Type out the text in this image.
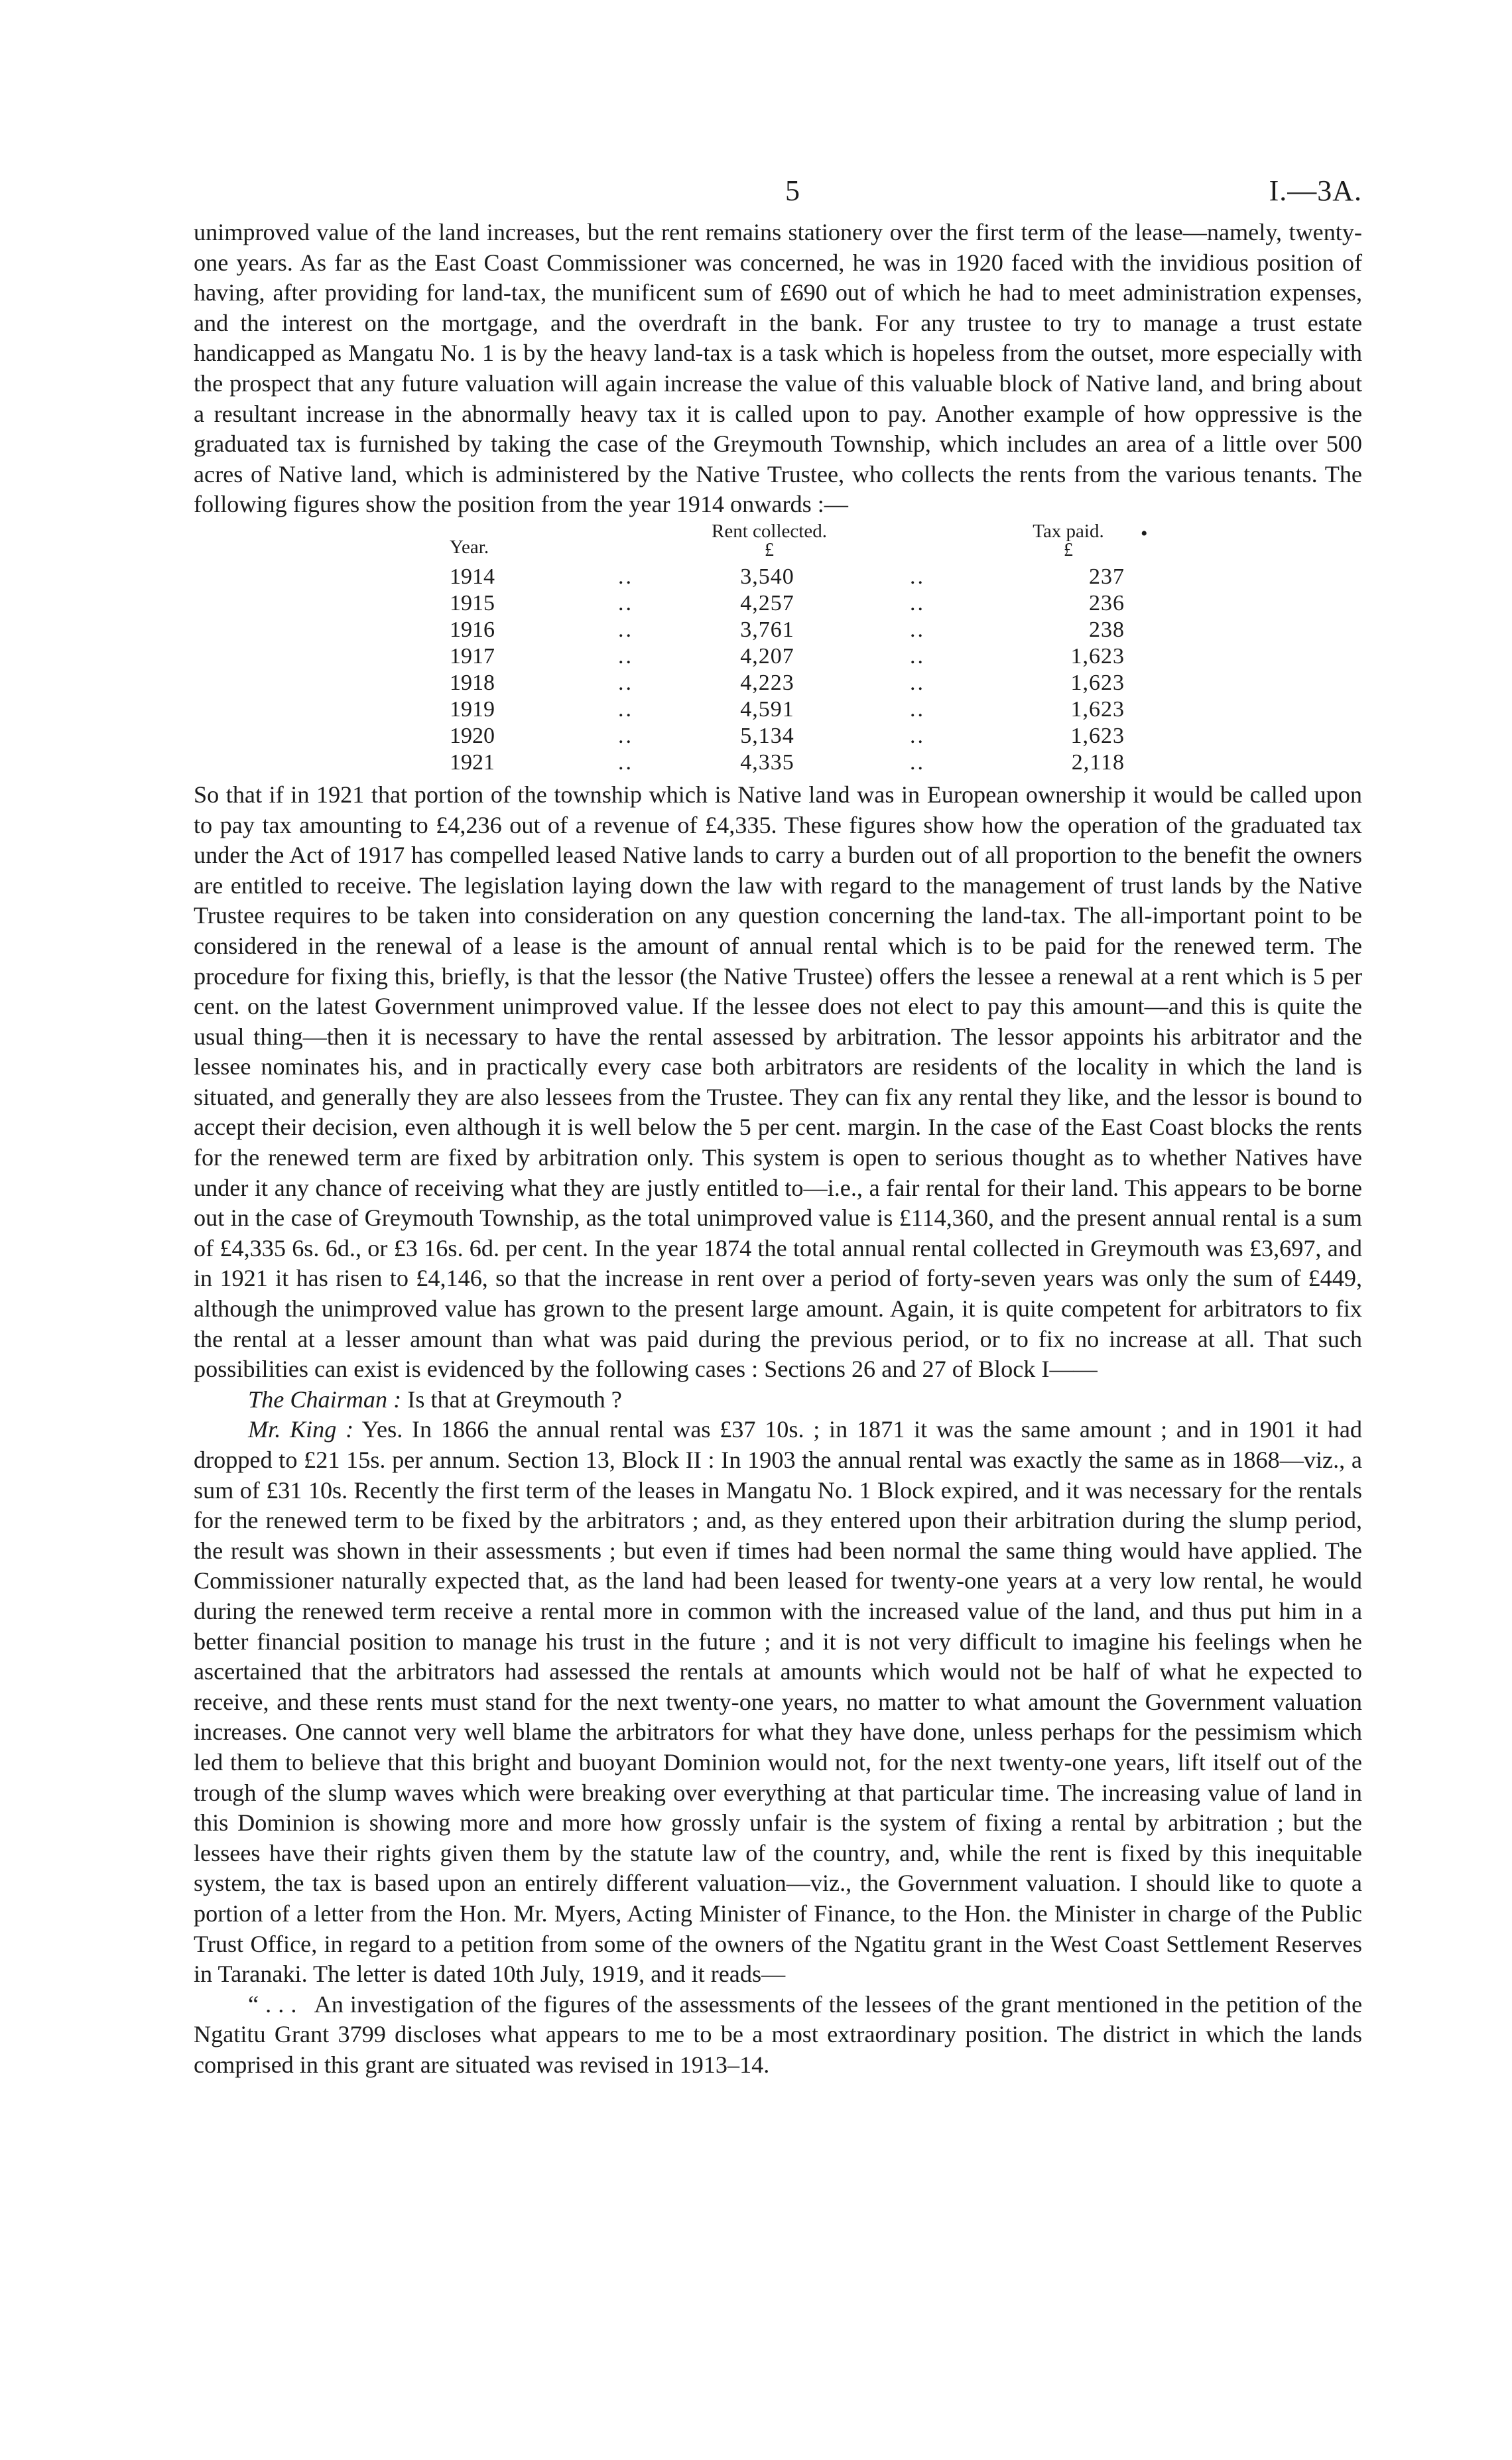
5	I.—3A.

unimproved value of the land increases, but the rent remains stationery over the first term of the lease—namely, twenty-one years. As far as the East Coast Commissioner was concerned, he was in 1920 faced with the invidious position of having, after providing for land-tax, the munificent sum of £690 out of which he had to meet administration expenses, and the interest on the mortgage, and the overdraft in the bank. For any trustee to try to manage a trust estate handicapped as Mangatu No. 1 is by the heavy land-tax is a task which is hopeless from the outset, more especially with the prospect that any future valuation will again increase the value of this valuable block of Native land, and bring about a resultant increase in the abnormally heavy tax it is called upon to pay. Another example of how oppressive is the graduated tax is furnished by taking the case of the Greymouth Township, which includes an area of a little over 500 acres of Native land, which is administered by the Native Trustee, who collects the rents from the various tenants. The following figures show the position from the year 1914 onwards :—

Year.
Rent collected.	Tax paid.
£	£
•
1914	..	3,540	..	237
1915	..	4,257	..	236
1916	..	3,761	..	238
1917	..	4,207	..	1,623
1918	..	4,223	..	1,623
1919	..	4,591	..	1,623
1920	..	5,134	..	1,623
1921	..	4,335	..	2,118

So that if in 1921 that portion of the township which is Native land was in European ownership it would be called upon to pay tax amounting to £4,236 out of a revenue of £4,335. These figures show how the operation of the graduated tax under the Act of 1917 has compelled leased Native lands to carry a burden out of all proportion to the benefit the owners are entitled to receive. The legislation laying down the law with regard to the management of trust lands by the Native Trustee requires to be taken into consideration on any question concerning the land-tax. The all-important point to be considered in the renewal of a lease is the amount of annual rental which is to be paid for the renewed term. The procedure for fixing this, briefly, is that the lessor (the Native Trustee) offers the lessee a renewal at a rent which is 5 per cent. on the latest Government unimproved value. If the lessee does not elect to pay this amount—and this is quite the usual thing—then it is necessary to have the rental assessed by arbitration. The lessor appoints his arbitrator and the lessee nominates his, and in practically every case both arbitrators are residents of the locality in which the land is situated, and generally they are also lessees from the Trustee. They can fix any rental they like, and the lessor is bound to accept their decision, even although it is well below the 5 per cent. margin. In the case of the East Coast blocks the rents for the renewed term are fixed by arbitration only. This system is open to serious thought as to whether Natives have under it any chance of receiving what they are justly entitled to—i.e., a fair rental for their land. This appears to be borne out in the case of Greymouth Township, as the total unimproved value is £114,360, and the present annual rental is a sum of £4,335 6s. 6d., or £3 16s. 6d. per cent. In the year 1874 the total annual rental collected in Greymouth was £3,697, and in 1921 it has risen to £4,146, so that the increase in rent over a period of forty-seven years was only the sum of £449, although the unimproved value has grown to the present large amount. Again, it is quite competent for arbitrators to fix the rental at a lesser amount than what was paid during the previous period, or to fix no increase at all. That such possibilities can exist is evidenced by the following cases : Sections 26 and 27 of Block I——

The Chairman : Is that at Greymouth ?

Mr. King : Yes. In 1866 the annual rental was £37 10s. ; in 1871 it was the same amount ; and in 1901 it had dropped to £21 15s. per annum. Section 13, Block II : In 1903 the annual rental was exactly the same as in 1868—viz., a sum of £31 10s. Recently the first term of the leases in Mangatu No. 1 Block expired, and it was necessary for the rentals for the renewed term to be fixed by the arbitrators ; and, as they entered upon their arbitration during the slump period, the result was shown in their assessments ; but even if times had been normal the same thing would have applied. The Commissioner naturally expected that, as the land had been leased for twenty-one years at a very low rental, he would during the renewed term receive a rental more in common with the increased value of the land, and thus put him in a better financial position to manage his trust in the future ; and it is not very difficult to imagine his feelings when he ascertained that the arbitrators had assessed the rentals at amounts which would not be half of what he expected to receive, and these rents must stand for the next twenty-one years, no matter to what amount the Government valuation increases. One cannot very well blame the arbitrators for what they have done, unless perhaps for the pessimism which led them to believe that this bright and buoyant Dominion would not, for the next twenty-one years, lift itself out of the trough of the slump waves which were breaking over everything at that particular time. The increasing value of land in this Dominion is showing more and more how grossly unfair is the system of fixing a rental by arbitration ; but the lessees have their rights given them by the statute law of the country, and, while the rent is fixed by this inequitable system, the tax is based upon an entirely different valuation—viz., the Government valuation. I should like to quote a portion of a letter from the Hon. Mr. Myers, Acting Minister of Finance, to the Hon. the Minister in charge of the Public Trust Office, in regard to a petition from some of the owners of the Ngatitu grant in the West Coast Settlement Reserves in Taranaki. The letter is dated 10th July, 1919, and it reads—

“ . . . An investigation of the figures of the assessments of the lessees of the grant mentioned in the petition of the Ngatitu Grant 3799 discloses what appears to me to be a most extraordinary position. The district in which the lands comprised in this grant are situated was revised in 1913–14.
